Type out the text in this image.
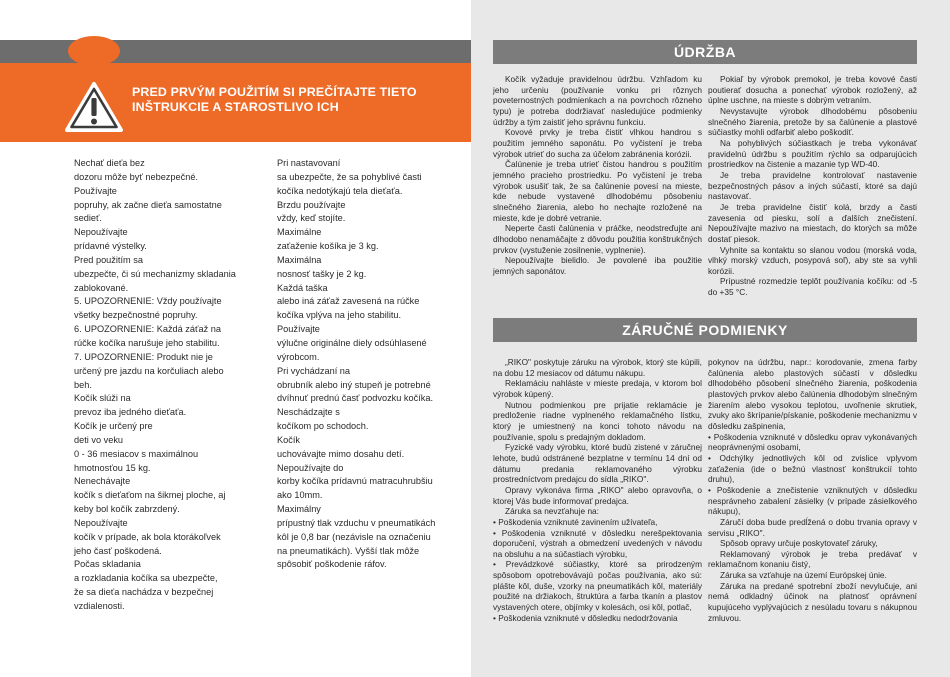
PRED PRVÝM POUŽITÍM SI PREČÍTAJTE TIETO INŠTRUKCIE A STAROSTLIVO ICH
Nechať dieťa bez
dozoru môže byť nebezpečné.
Používajte
popruhy, ak začne dieťa samostatne
sedieť.
Nepoužívajte
prídavné výstelky.
Pred použitím sa
ubezpečte, či sú mechanizmy skladania
zablokované.
5. UPOZORNENIE: Vždy používajte
všetky bezpečnostné popruhy.
6. UPOZORNENIE: Každá záťaž na
rúčke kočíka narušuje jeho stabilitu.
7. UPOZORNENIE: Produkt nie je
určený pre jazdu na korčuliach alebo
beh.
Kočík slúži na
prevoz iba jedného dieťaťa.
Kočík je určený pre
deti vo veku
0 - 36 mesiacov s maximálnou
hmotnosťou 15 kg.
Nenechávajte
kočík s dieťaťom na šikmej ploche, aj
keby bol kočík zabrzdený.
Nepoužívajte
kočík v prípade, ak bola ktorákoľvek
jeho časť poškodená.
Počas skladania
a rozkladania kočíka sa ubezpečte,
že sa dieťa nachádza v bezpečnej
vzdialenosti.
Pri nastavovaní
sa ubezpečte, že sa pohyblivé časti
kočíka nedotýkajú tela dieťaťa.
Brzdu používajte
vždy, keď stojíte.
Maximálne
zaťaženie košíka je 3 kg.
Maximálna
nosnosť tašky je 2 kg.
Každá taška
alebo iná záťaž zavesená na rúčke
kočíka vplýva na jeho stabilitu.
Používajte
výlučne originálne diely odsúhlasené
výrobcom.
Pri vychádzaní na
obrubník alebo iný stupeň je potrebné
dvíhnuť prednú časť podvozku kočíka.
Neschádzajte s
kočíkom po schodoch.
Kočík
uchovávajte mimo dosahu detí.
Nepoužívajte do
korby kočíka prídavnú matracuhrubšiu
ako 10mm.
Maximálny
prípustný tlak vzduchu v pneumatikách
kôl je 0,8 bar (nezávisle na označeniu
na pneumatikách). Vyšší tlak môže
spôsobiť poškodenie ráfov.
ÚDRŽBA

Kočík vyžaduje pravidelnou údržbu. Vzhľadom ku jeho určeniu (používanie vonku pri rôznych poveternostných podmienkach a na povrchoch rôzneho typu) je potreba dodržiavať nasledujúce podmienky údržby a tým zaistiť jeho správnu funkciu.

Kovové prvky je treba čistiť vlhkou handrou s použitím jemného saponátu. Po vyčistení je treba výrobok utrieť do sucha za účelom zabránenia korózii.

Čalúnenie je treba utrieť čistou handrou s použitím jemného pracieho prostriedku. Po vyčistení je treba výrobok usušiť tak, že sa čalúnenie povesí na mieste, kde nebude vystavené dlhodobému pôsobeniu slnečného žiarenia, alebo ho nechajte rozložené na mieste, kde je dobré vetranie.

Neperte časti čalúnenia v práčke, neodstreďujte ani dlhodobo nenamáčajte z dôvodu použitia konštrukčných prvkov (vystuženie zosilnenie, vyplnenie).

Nepoužívajte bielidlo. Je povolené iba použitie jemných saponátov.

Pokiaľ by výrobok premokol, je treba kovové časti poutierať dosucha a ponechať výrobok rozložený, až úplne uschne, na mieste s dobrým vetraním.

Nevystavujte výrobok dlhodobému pôsobeniu slnečného žiarenia, pretože by sa čalúnenie a plastové súčiastky mohli odfarbiť alebo poškodiť.

Na pohyblivých súčiastkach je treba vykonávať pravidelnú údržbu s použitím rýchlo sa odparujúcich prostriedkov na čistenie a mazanie typ WD-40.

Je treba pravidelne kontrolovať nastavenie bezpečnostných pásov a iných súčastí, ktoré sa dajú nastavovať.

Je treba pravidelne čistiť kolá, brzdy a časti zavesenia od piesku, solí a ďalších znečistení. Nepoužívajte mazivo na miestach, do ktorých sa môže dostať piesok.

Vyhnite sa kontaktu so slanou vodou (morská voda, vlhký morský vzduch, posypová soľ), aby ste sa vyhli korózii.

Prípustné rozmedzie teplôt používania kočíku: od -5 do +35 °C.

ZÁRUČNÉ PODMIENKY

„RIKO" poskytuje záruku na výrobok, ktorý ste kúpili, na dobu 12 mesiacov od dátumu nákupu.

Reklamáciu nahláste v mieste predaja, v ktorom bol výrobok kúpený.

Nutnou podmienkou pre prijatie reklamácie je predloženie riadne vyplneného reklamačného lístku, ktorý je umiestnený na konci tohoto návodu na používanie, spolu s predajným dokladom.

Fyzické vady výrobku, ktoré budú zistené v záručnej lehote, budú odstránené bezplatne v termínu 14 dní od dátumu predania reklamovaného výrobku prostredníctvom predajcu do sídla „RIKO".

Opravy vykonáva firma „RIKO" alebo opravovňa, o ktorej Vás bude informovať predajca.

Záruka sa nevzťahuje na:

• Poškodenia vzniknuté zavinením užívateľa,

• Poškodenia vzniknuté v dôsledku nerešpektovania doporučení, výstrah a obmedzení uvedených v návodu na obsluhu a na súčastiach výrobku,

• Prevádzkové súčiastky, ktoré sa prirodzeným spôsobom opotrebovávajú počas používania, ako sú: plášte kôl, duše, vzorky na pneumatikách kôl, materiály použité na držiakoch, štruktúra a farba tkanín a plastov vystavených otere, objímky v kolesách, osi kôl, potlač,

• Poškodenia vzniknuté v dôsledku nedodržovania

pokynov na údržbu, napr.: korodovanie, zmena farby čalúnenia alebo plastových súčastí v dôsledku dlhodobého pôsobení slnečného žiarenia, poškodenia plastových prvkov alebo čalúnenia dlhodobým slnečným žiarením alebo vysokou teplotou, uvoľnenie skrutiek, zvuky ako škrípanie/pískanie, poškodenie mechanizmu v dôsledku zašpinenia,

• Poškodenia vzniknuté v dôsledku oprav vykonávaných neoprávnenými osobami,

• Odchýlky jednotlivých kôl od zvislice vplyvom zaťaženia (ide o bežnú vlastnosť konštrukcií tohto druhu),

• Poškodenie a znečistenie vzniknutých v dôsledku nesprávneho zabalení zásielky (v prípade zásielkového nákupu),

Záručí doba bude predĺžená o dobu trvania opravy v servisu „RIKO".

Spôsob opravy určuje poskytovateľ záruky,

Reklamovaný výrobok je treba predávať v reklamačnom konaniu čistý,

Záruka sa vzťahuje na území Európskej únie.

Záruka na predané spotrební zboží nevylučuje, ani nemá odkladný účinok na platnosť oprávnení kupujúceho vyplývajúcich z nesúladu tovaru s nákupnou zmluvou.
